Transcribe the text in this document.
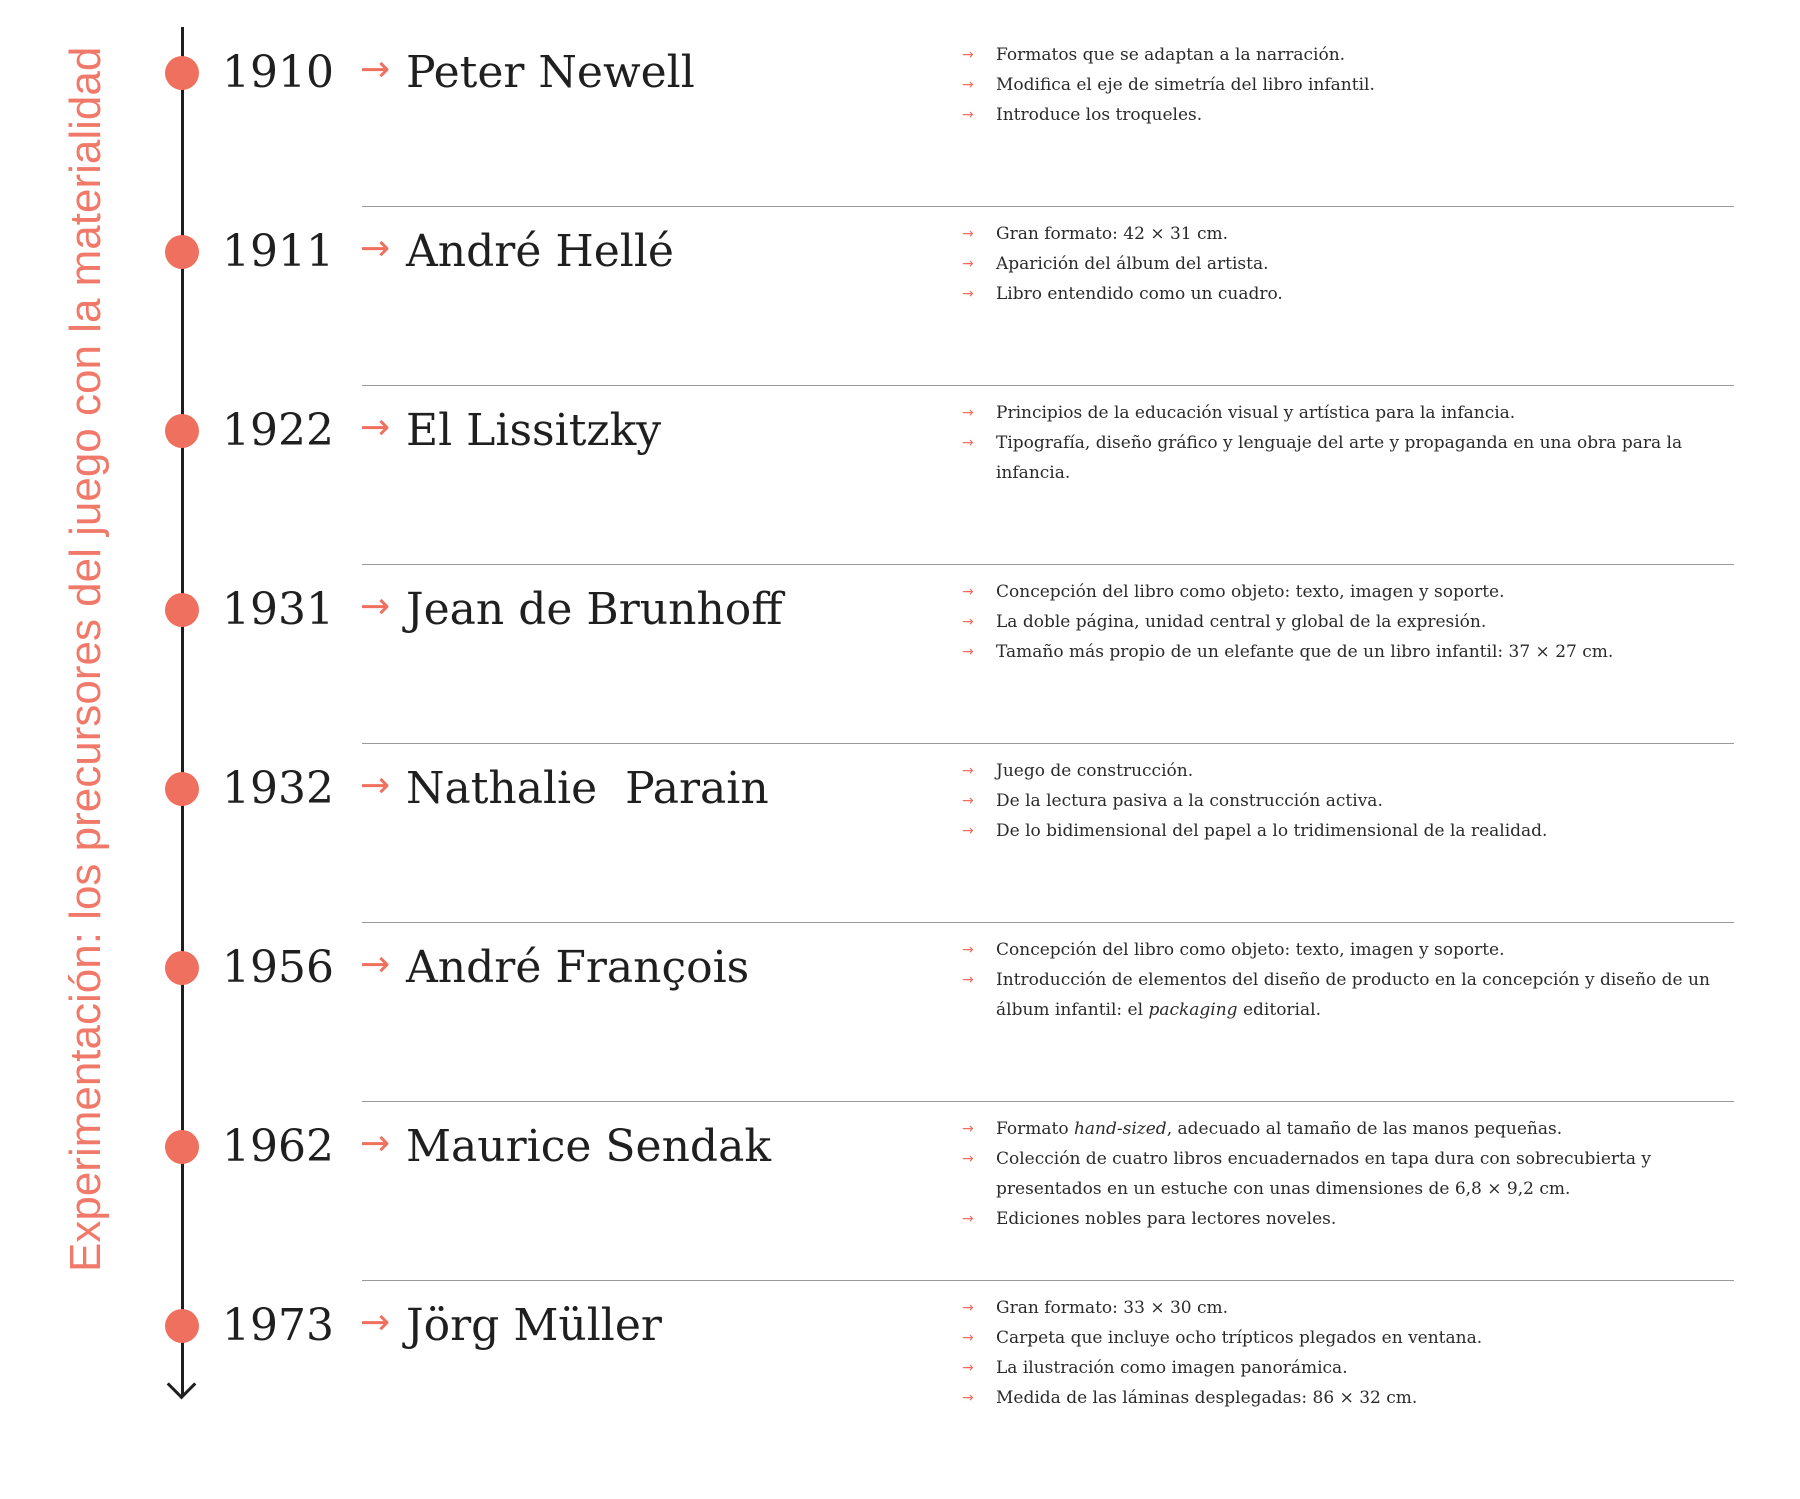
Experimentación: los precursores del juego con la materialidad	1910 → Peter Newell	→ Formatos que se adaptan a la narración.
→ Modifica el eje de simetría del libro infantil.
→ Introduce los troqueles.
1911 → André Hellé	→ Gran formato: 42 × 31 cm.
→ Aparición del álbum del artista.
→ Libro entendido como un cuadro.
1922 → El Lissitzky	→ Principios de la educación visual y artística para la infancia.
→ Tipografía, diseño gráfico y lenguaje del arte y propaganda en una obra para la infancia.
1931 → Jean de Brunhoff	→ Concepción del libro como objeto: texto, imagen y soporte.
→ La doble página, unidad central y global de la expresión.
→ Tamaño más propio de un elefante que de un libro infantil: 37 × 27 cm.
1932 → Nathalie  Parain	→ Juego de construcción.
→ De la lectura pasiva a la construcción activa.
→ De lo bidimensional del papel a lo tridimensional de la realidad.
1956 → André François	→ Concepción del libro como objeto: texto, imagen y soporte.
→ Introducción de elementos del diseño de producto en la concepción y diseño de un álbum infantil: el packaging editorial.
1962 → Maurice Sendak	→ Formato hand-sized, adecuado al tamaño de las manos pequeñas.
→ Colección de cuatro libros encuadernados en tapa dura con sobrecubierta y presentados en un estuche con unas dimensiones de 6,8 × 9,2 cm.
→ Ediciones nobles para lectores noveles.
1973 → Jörg Müller	→ Gran formato: 33 × 30 cm.
→ Carpeta que incluye ocho trípticos plegados en ventana.
→ La ilustración como imagen panorámica.
→ Medida de las láminas desplegadas: 86 × 32 cm.
